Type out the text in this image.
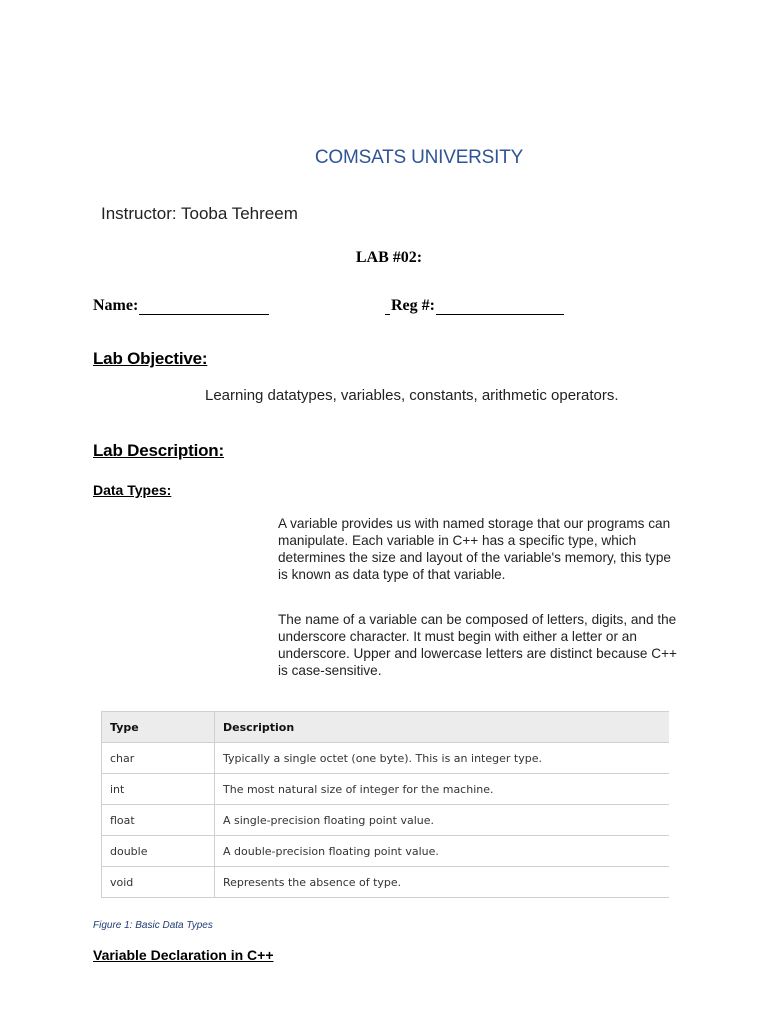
COMSATS UNIVERSITY
Instructor: Tooba Tehreem
LAB #02:
Name:	Reg #:
Lab Objective:
Learning datatypes, variables, constants, arithmetic operators.
Lab Description:
Data Types:
A variable provides us with named storage that our programs can manipulate. Each variable in C++ has a specific type, which determines the size and layout of the variable's memory, this type is known as data type of that variable.
The name of a variable can be composed of letters, digits, and the underscore character. It must begin with either a letter or an underscore. Upper and lowercase letters are distinct because C++ is case-sensitive.
Type	Description
char	Typically a single octet (one byte). This is an integer type.
int	The most natural size of integer for the machine.
float	A single-precision floating point value.
double	A double-precision floating point value.
void	Represents the absence of type.
Figure 1: Basic Data Types
Variable Declaration in C++
